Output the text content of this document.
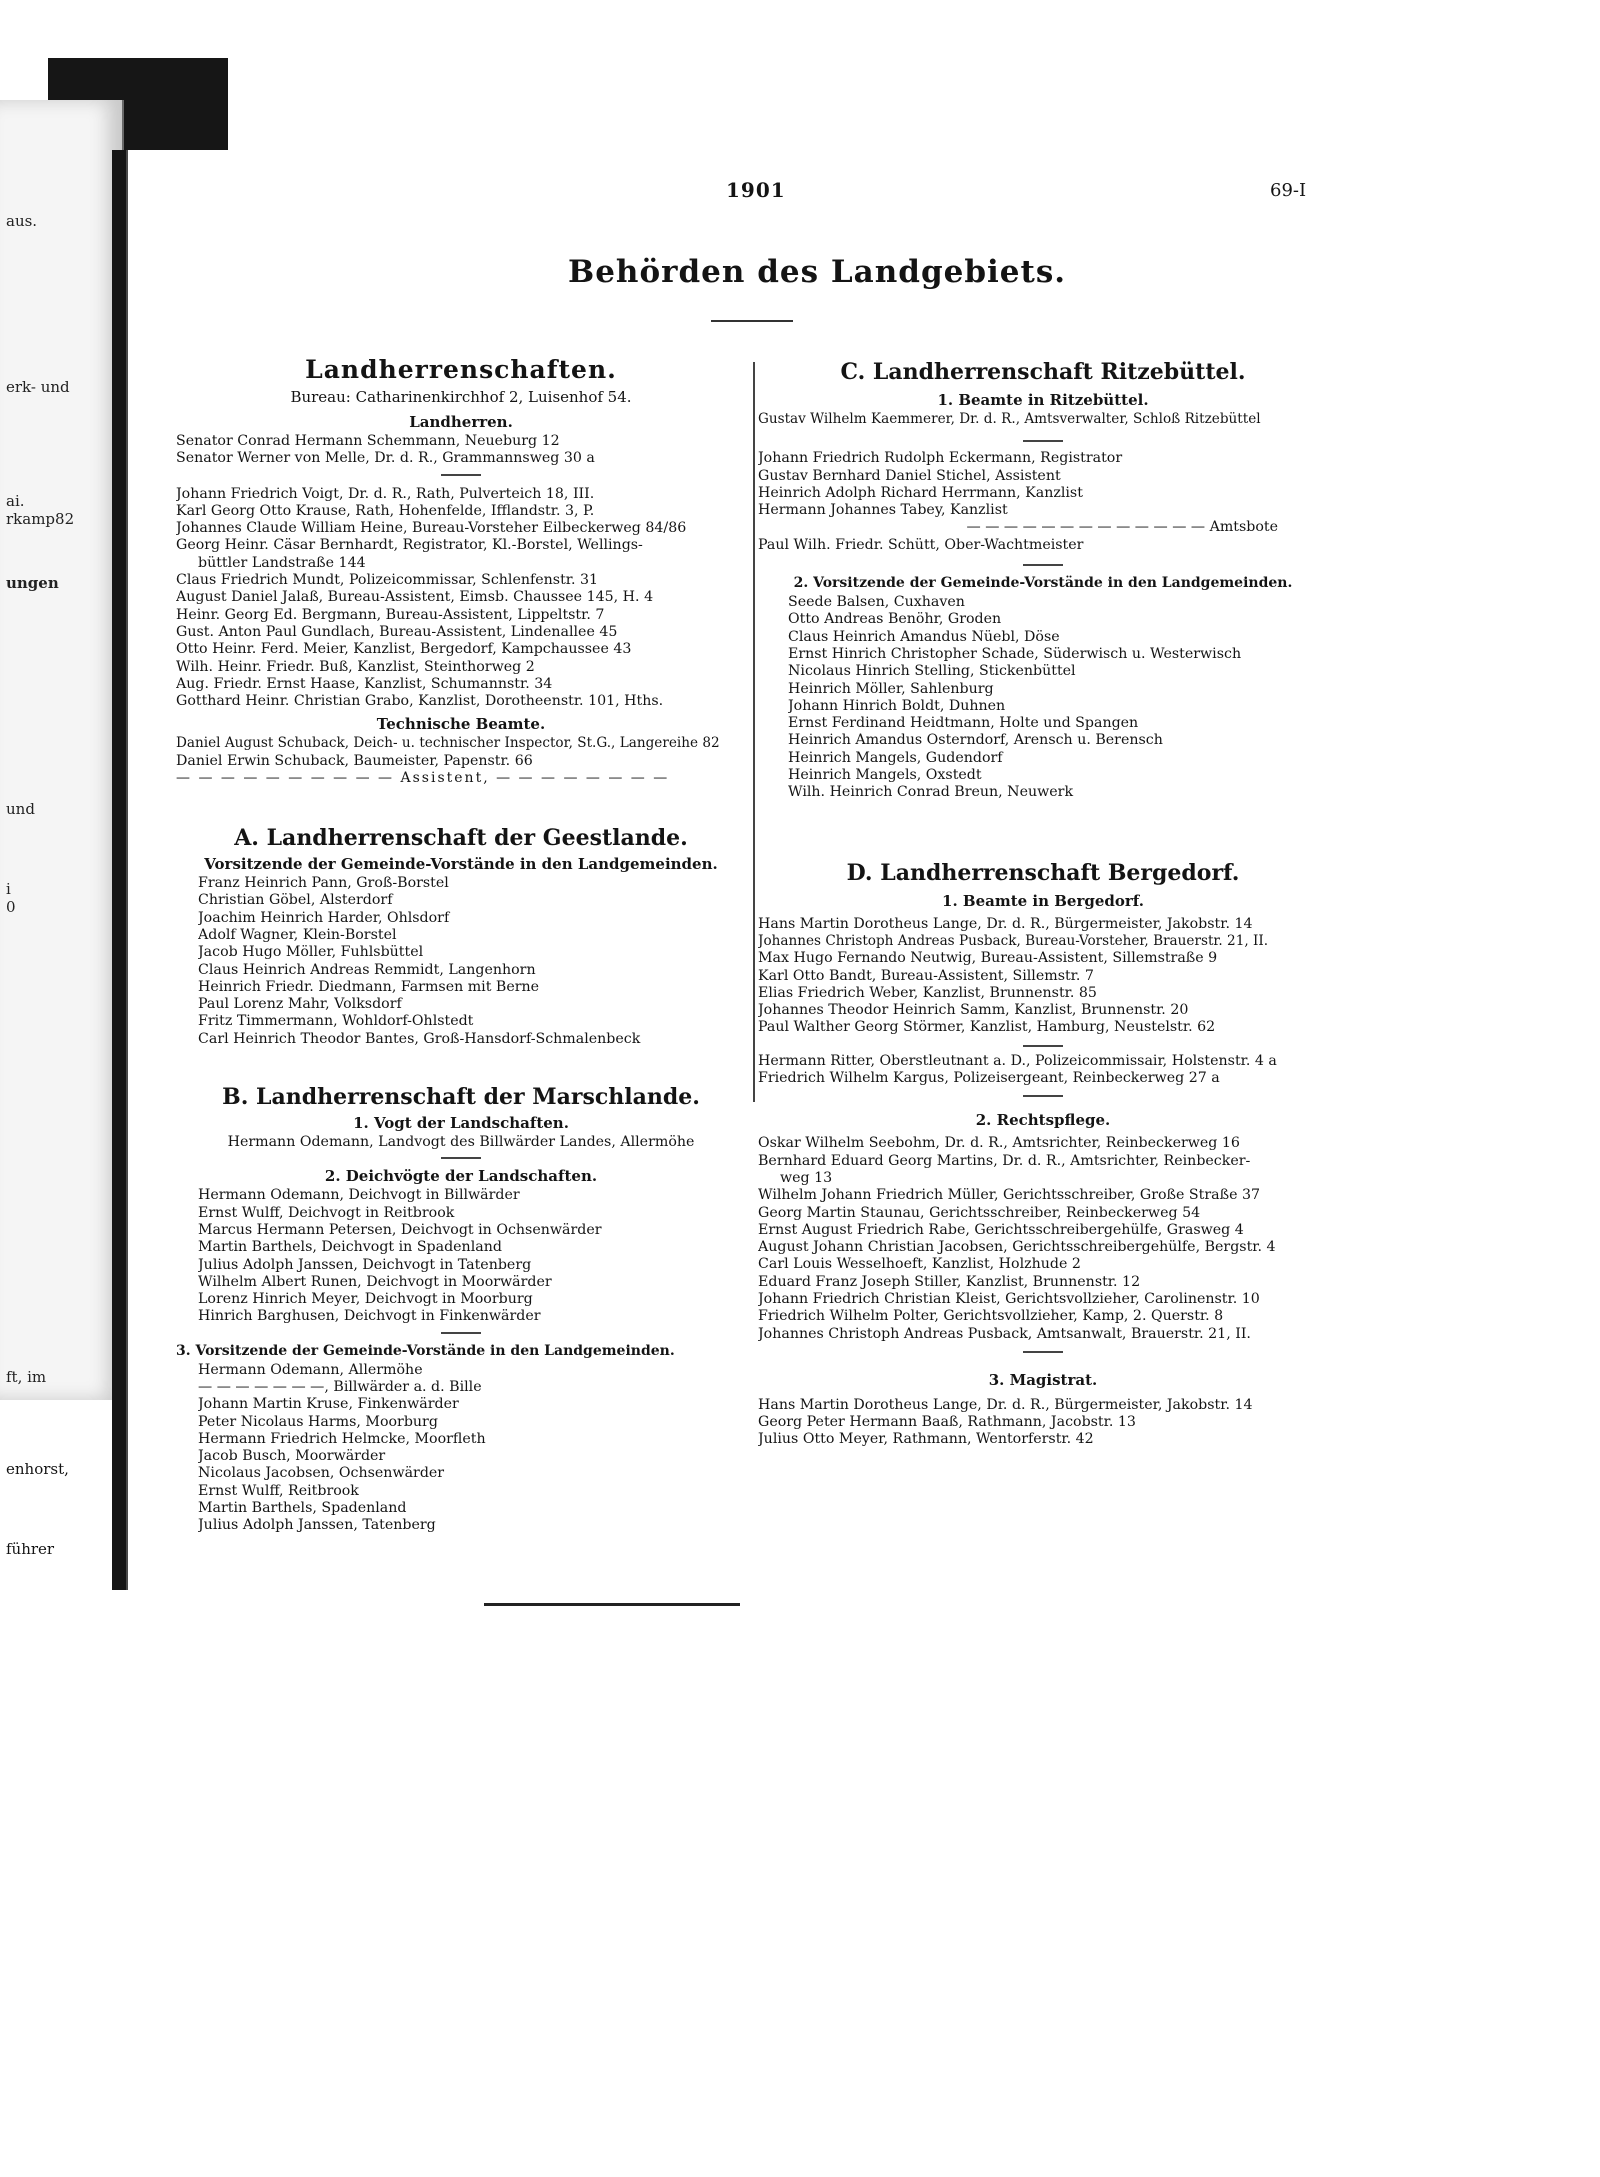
aus.
erk- und
ai.
rkamp82
ungen
und
i
0
ft, im
enhorst,
führer
1901	69-I
Behörden des Landgebiets.
Landherrenschaften.
Bureau: Catharinenkirchhof 2, Luisenhof 54.
Landherren.
Senator Conrad Hermann Schemmann, Neueburg 12
Senator Werner von Melle, Dr. d. R., Grammannsweg 30 a
Johann Friedrich Voigt, Dr. d. R., Rath, Pulverteich 18, III.
Karl Georg Otto Krause, Rath, Hohenfelde, Ifflandstr. 3, P.
Johannes Claude William Heine, Bureau-Vorsteher Eilbeckerweg 84/86
Georg Heinr. Cäsar Bernhardt, Registrator, Kl.-Borstel, Wellings-
büttler Landstraße 144
Claus Friedrich Mundt, Polizeicommissar, Schlenfenstr. 31
August Daniel Jalaß, Bureau-Assistent, Eimsb. Chaussee 145, H. 4
Heinr. Georg Ed. Bergmann, Bureau-Assistent, Lippeltstr. 7
Gust. Anton Paul Gundlach, Bureau-Assistent, Lindenallee 45
Otto Heinr. Ferd. Meier, Kanzlist, Bergedorf, Kampchaussee 43
Wilh. Heinr. Friedr. Buß, Kanzlist, Steinthorweg 2
Aug. Friedr. Ernst Haase, Kanzlist, Schumannstr. 34
Gotthard Heinr. Christian Grabo, Kanzlist, Dorotheenstr. 101, Hths.
Technische Beamte.
Daniel August Schuback, Deich- u. technischer Inspector, St.G., Langereihe 82
Daniel Erwin Schuback, Baumeister, Papenstr. 66
— — — — — — — — — — Assistent, — — — — — — — —
A. Landherrenschaft der Geestlande.
Vorsitzende der Gemeinde-Vorstände in den Landgemeinden.
Franz Heinrich Pann, Groß-Borstel
Christian Göbel, Alsterdorf
Joachim Heinrich Harder, Ohlsdorf
Adolf Wagner, Klein-Borstel
Jacob Hugo Möller, Fuhlsbüttel
Claus Heinrich Andreas Remmidt, Langenhorn
Heinrich Friedr. Diedmann, Farmsen mit Berne
Paul Lorenz Mahr, Volksdorf
Fritz Timmermann, Wohldorf-Ohlstedt
Carl Heinrich Theodor Bantes, Groß-Hansdorf-Schmalenbeck
B. Landherrenschaft der Marschlande.
1. Vogt der Landschaften.
Hermann Odemann, Landvogt des Billwärder Landes, Allermöhe
2. Deichvögte der Landschaften.
Hermann Odemann, Deichvogt in Billwärder
Ernst Wulff, Deichvogt in Reitbrook
Marcus Hermann Petersen, Deichvogt in Ochsenwärder
Martin Barthels, Deichvogt in Spadenland
Julius Adolph Janssen, Deichvogt in Tatenberg
Wilhelm Albert Runen, Deichvogt in Moorwärder
Lorenz Hinrich Meyer, Deichvogt in Moorburg
Hinrich Barghusen, Deichvogt in Finkenwärder
3. Vorsitzende der Gemeinde-Vorstände in den Landgemeinden.
Hermann Odemann, Allermöhe
— — — — — — —, Billwärder a. d. Bille
Johann Martin Kruse, Finkenwärder
Peter Nicolaus Harms, Moorburg
Hermann Friedrich Helmcke, Moorfleth
Jacob Busch, Moorwärder
Nicolaus Jacobsen, Ochsenwärder
Ernst Wulff, Reitbrook
Martin Barthels, Spadenland
Julius Adolph Janssen, Tatenberg
C. Landherrenschaft Ritzebüttel.
1. Beamte in Ritzebüttel.
Gustav Wilhelm Kaemmerer, Dr. d. R., Amtsverwalter, Schloß Ritzebüttel
Johann Friedrich Rudolph Eckermann, Registrator
Gustav Bernhard Daniel Stichel, Assistent
Heinrich Adolph Richard Herrmann, Kanzlist
Hermann Johannes Tabey, Kanzlist
— — — — — — — — — — — — — Amtsbote
Paul Wilh. Friedr. Schütt, Ober-Wachtmeister
2. Vorsitzende der Gemeinde-Vorstände in den Landgemeinden.
Seede Balsen, Cuxhaven
Otto Andreas Benöhr, Groden
Claus Heinrich Amandus Nüebl, Döse
Ernst Hinrich Christopher Schade, Süderwisch u. Westerwisch
Nicolaus Hinrich Stelling, Stickenbüttel
Heinrich Möller, Sahlenburg
Johann Hinrich Boldt, Duhnen
Ernst Ferdinand Heidtmann, Holte und Spangen
Heinrich Amandus Osterndorf, Arensch u. Berensch
Heinrich Mangels, Gudendorf
Heinrich Mangels, Oxstedt
Wilh. Heinrich Conrad Breun, Neuwerk
D. Landherrenschaft Bergedorf.
1. Beamte in Bergedorf.
Hans Martin Dorotheus Lange, Dr. d. R., Bürgermeister, Jakobstr. 14
Johannes Christoph Andreas Pusback, Bureau-Vorsteher, Brauerstr. 21, II.
Max Hugo Fernando Neutwig, Bureau-Assistent, Sillemstraße 9
Karl Otto Bandt, Bureau-Assistent, Sillemstr. 7
Elias Friedrich Weber, Kanzlist, Brunnenstr. 85
Johannes Theodor Heinrich Samm, Kanzlist, Brunnenstr. 20
Paul Walther Georg Störmer, Kanzlist, Hamburg, Neustelstr. 62
Hermann Ritter, Oberstleutnant a. D., Polizeicommissair, Holstenstr. 4 a
Friedrich Wilhelm Kargus, Polizeisergeant, Reinbeckerweg 27 a
2. Rechtspflege.
Oskar Wilhelm Seebohm, Dr. d. R., Amtsrichter, Reinbeckerweg 16
Bernhard Eduard Georg Martins, Dr. d. R., Amtsrichter, Reinbecker-
weg 13
Wilhelm Johann Friedrich Müller, Gerichtsschreiber, Große Straße 37
Georg Martin Staunau, Gerichtsschreiber, Reinbeckerweg 54
Ernst August Friedrich Rabe, Gerichtsschreibergehülfe, Grasweg 4
August Johann Christian Jacobsen, Gerichtsschreibergehülfe, Bergstr. 4
Carl Louis Wesselhoeft, Kanzlist, Holzhude 2
Eduard Franz Joseph Stiller, Kanzlist, Brunnenstr. 12
Johann Friedrich Christian Kleist, Gerichtsvollzieher, Carolinenstr. 10
Friedrich Wilhelm Polter, Gerichtsvollzieher, Kamp, 2. Querstr. 8
Johannes Christoph Andreas Pusback, Amtsanwalt, Brauerstr. 21, II.
3. Magistrat.
Hans Martin Dorotheus Lange, Dr. d. R., Bürgermeister, Jakobstr. 14
Georg Peter Hermann Baaß, Rathmann, Jacobstr. 13
Julius Otto Meyer, Rathmann, Wentorferstr. 42
